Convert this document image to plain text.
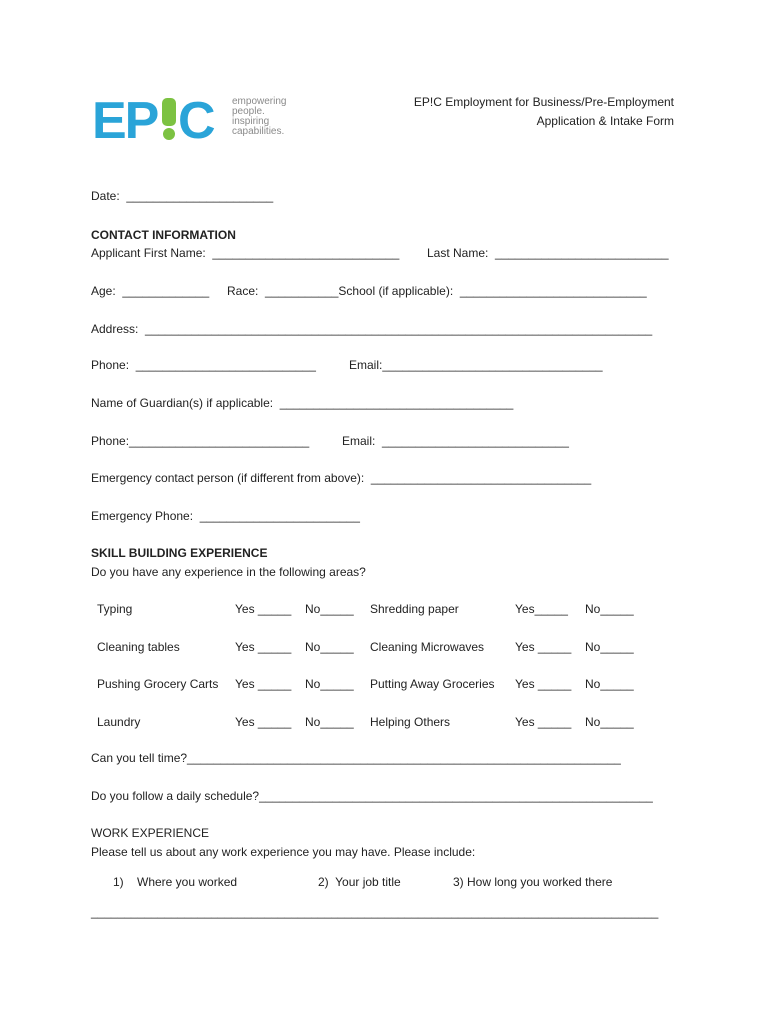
EP C empowering
people.
inspiring
capabilities.
EP!C Employment for Business/Pre-Employment
Application & Intake Form
Date:  ______________________
CONTACT INFORMATION
Applicant First Name:  ____________________________ Last Name:  __________________________
Age:  _____________ Race:  ___________School (if applicable):  ____________________________
Address:  ____________________________________________________________________________
Phone:  ___________________________	Email:_________________________________
Name of Guardian(s) if applicable:  ___________________________________
Phone:___________________________	Email:  ____________________________
Emergency contact person (if different from above):  _________________________________
Emergency Phone:  ________________________
SKILL BUILDING EXPERIENCE
Do you have any experience in the following areas?
Typing	Yes _____ No_____ Shredding paper	Yes_____ No_____
Cleaning tables	Yes _____ No_____ Cleaning Microwaves	Yes _____ No_____
Pushing Grocery Carts Yes _____ No_____ Putting Away Groceries Yes _____ No_____
Laundry	Yes _____ No_____ Helping Others	Yes _____ No_____
Can you tell time?_________________________________________________________________
Do you follow a daily schedule?___________________________________________________________
WORK EXPERIENCE
Please tell us about any work experience you may have. Please include:
1)    Where you worked	2)  Your job title	3) How long you worked there
_____________________________________________________________________________________
